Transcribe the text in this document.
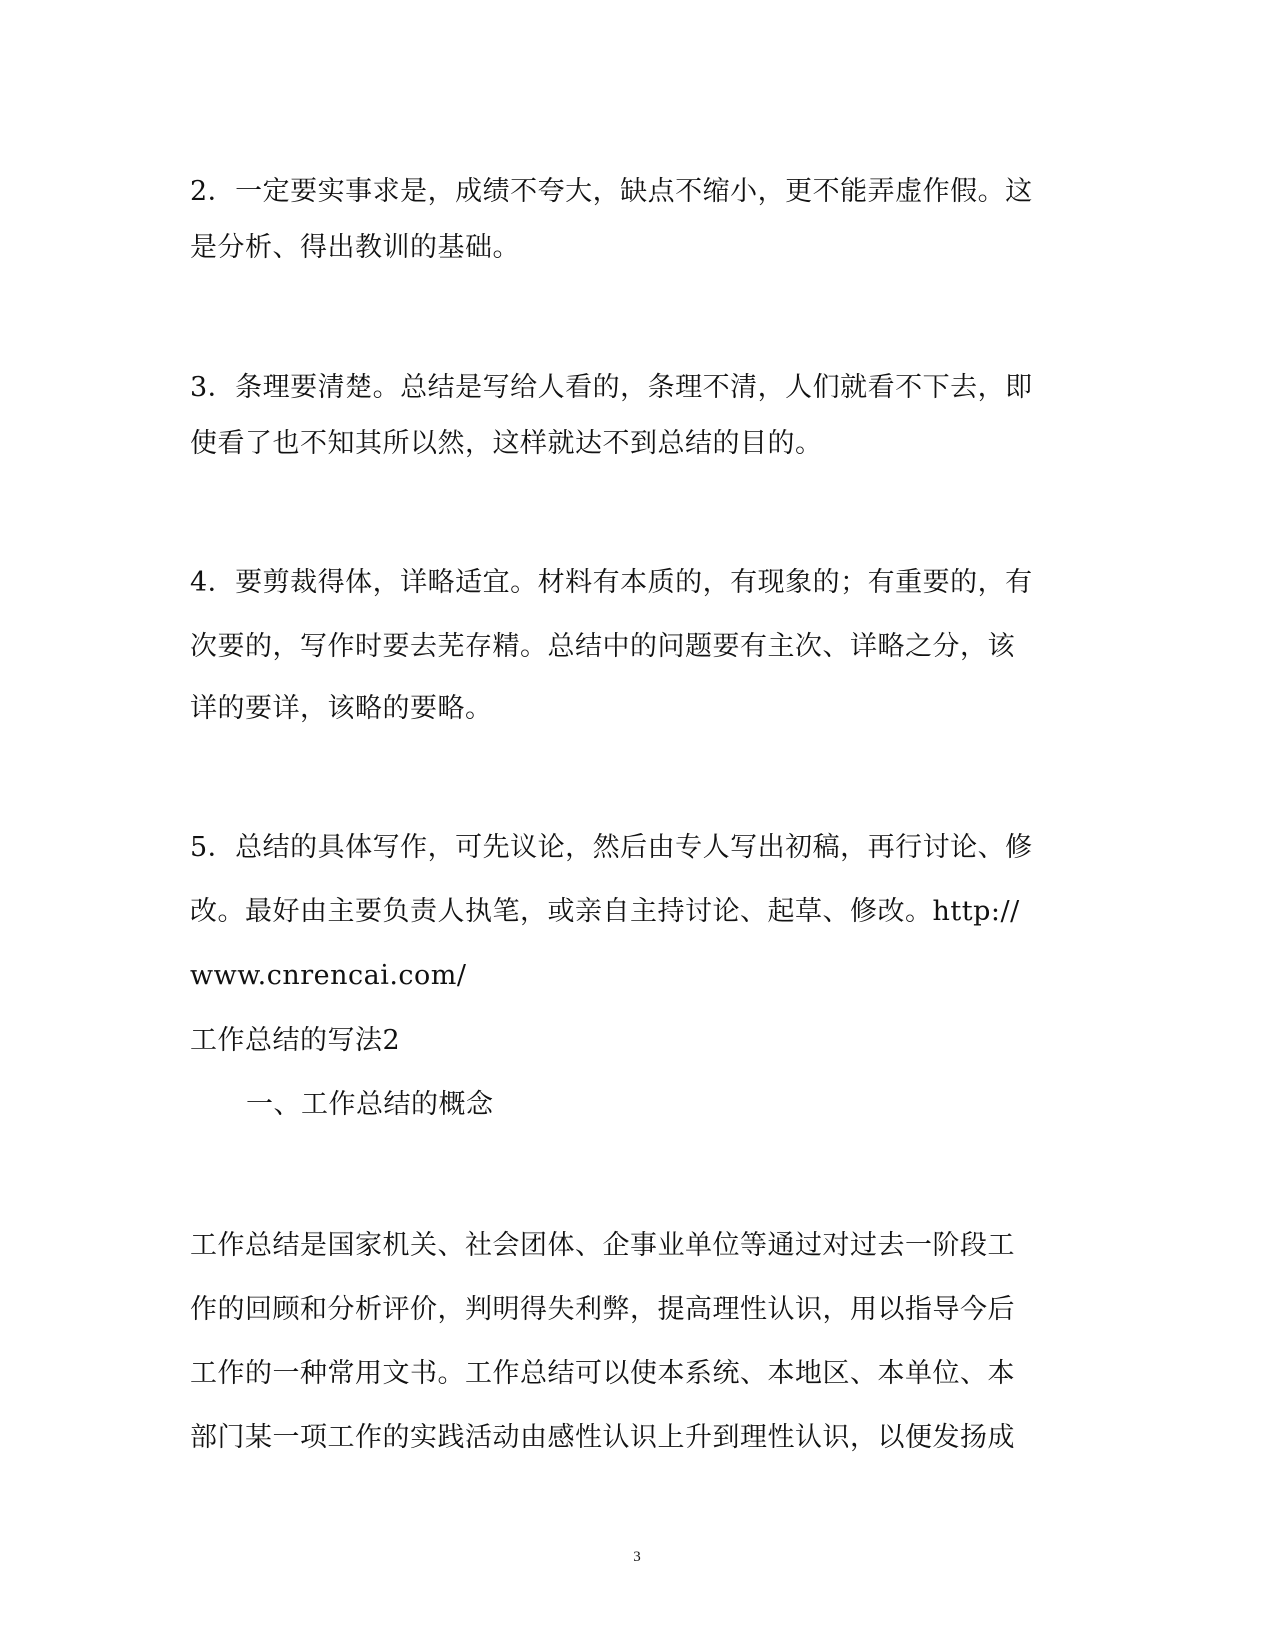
2．一定要实事求是，成绩不夸大，缺点不缩小，更不能弄虚作假。这
是分析、得出教训的基础。
3．条理要清楚。总结是写给人看的，条理不清，人们就看不下去，即
使看了也不知其所以然，这样就达不到总结的目的。
4．要剪裁得体，详略适宜。材料有本质的，有现象的；有重要的，有
次要的，写作时要去芜存精。总结中的问题要有主次、详略之分，该
详的要详，该略的要略。
5．总结的具体写作，可先议论，然后由专人写出初稿，再行讨论、修
改。最好由主要负责人执笔，或亲自主持讨论、起草、修改。http://
www.cnrencai.com/
工作总结的写法2
一、工作总结的概念
工作总结是国家机关、社会团体、企事业单位等通过对过去一阶段工
作的回顾和分析评价，判明得失利弊，提高理性认识，用以指导今后
工作的一种常用文书。工作总结可以使本系统、本地区、本单位、本
部门某一项工作的实践活动由感性认识上升到理性认识，以便发扬成
3
